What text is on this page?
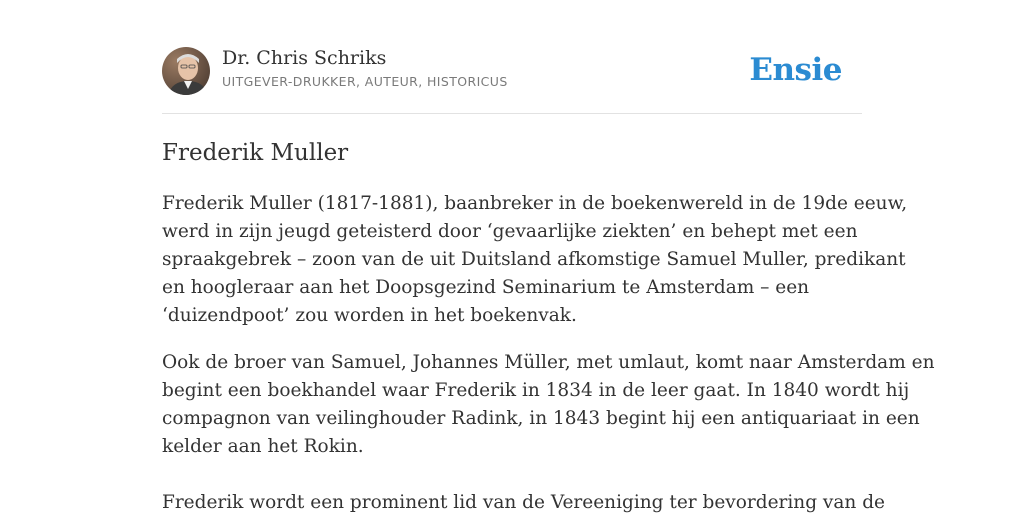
Dr. Chris Schriks
UITGEVER-DRUKKER, AUTEUR, HISTORICUS	Ensie
Frederik Muller

Frederik Muller (1817-1881), baanbreker in de boekenwereld in de 19de eeuw,
werd in zijn jeugd geteisterd door ‘gevaarlijke ziekten’ en behept met een
spraakgebrek – zoon van de uit Duitsland afkomstige Samuel Muller, predikant
en hoogleraar aan het Doopsgezind Seminarium te Amsterdam – een
‘duizendpoot’ zou worden in het boekenvak.

Ook de broer van Samuel, Johannes Müller, met umlaut, komt naar Amsterdam en
begint een boekhandel waar Frederik in 1834 in de leer gaat. In 1840 wordt hij
compagnon van veilinghouder Radink, in 1843 begint hij een antiquariaat in een
kelder aan het Rokin.

Frederik wordt een prominent lid van de Vereeniging ter bevordering van de
